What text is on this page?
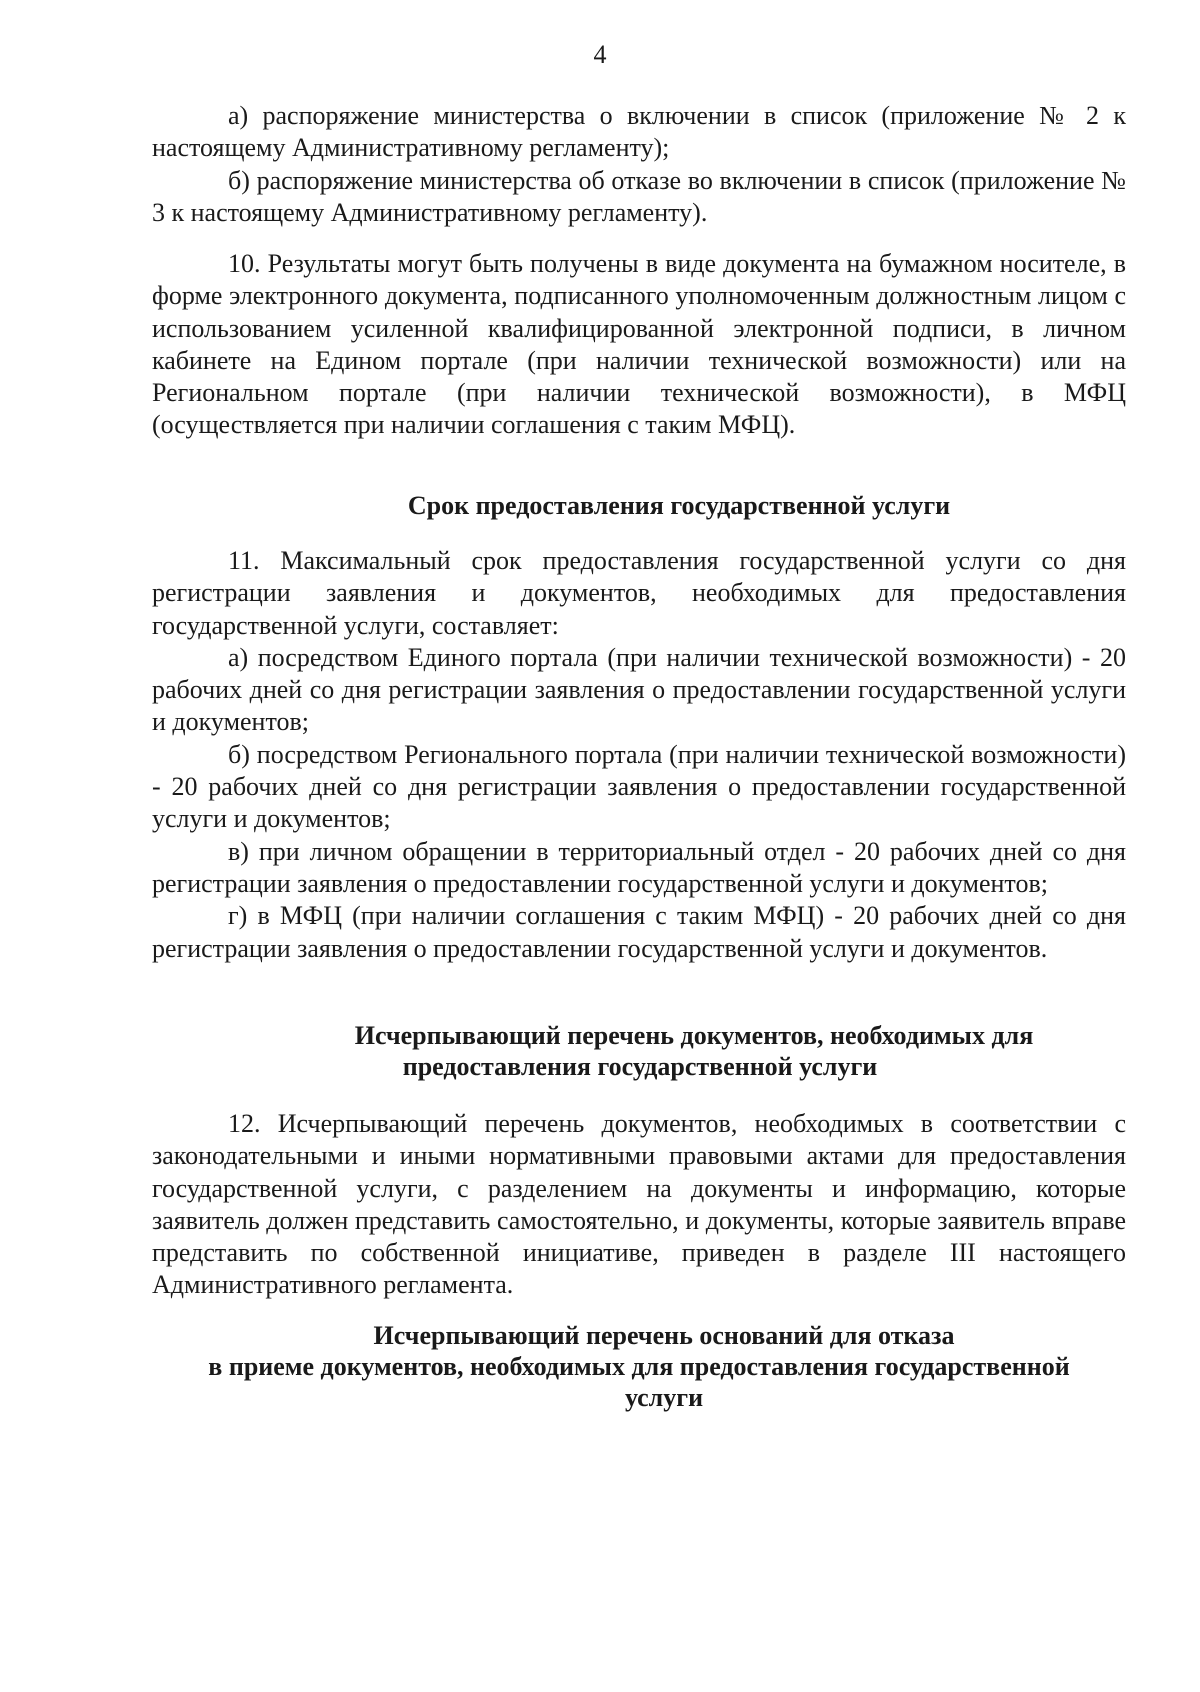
4

а) распоряжение министерства о включении в список (приложение № 2 к настоящему Административному регламенту);

б) распоряжение министерства об отказе во включении в список (приложение № 3 к настоящему Административному регламенту).

10. Результаты могут быть получены в виде документа на бумажном носителе, в форме электронного документа, подписанного уполномоченным должностным лицом с использованием усиленной квалифицированной электронной подписи, в личном кабинете на Едином портале (при наличии технической возможности) или на Региональном портале (при наличии технической возможности), в МФЦ (осуществляется при наличии соглашения с таким МФЦ).

Срок предоставления государственной услуги

11. Максимальный срок предоставления государственной услуги со дня регистрации заявления и документов, необходимых для предоставления государственной услуги, составляет:

а) посредством Единого портала (при наличии технической возможности) - 20 рабочих дней со дня регистрации заявления о предоставлении государственной услуги и документов;

б) посредством Регионального портала (при наличии технической возможности) - 20 рабочих дней со дня регистрации заявления о предоставлении государственной услуги и документов;

в) при личном обращении в территориальный отдел - 20 рабочих дней со дня регистрации заявления о предоставлении государственной услуги и документов;

г) в МФЦ (при наличии соглашения с таким МФЦ) - 20 рабочих дней со дня регистрации заявления о предоставлении государственной услуги и документов.

Исчерпывающий перечень документов, необходимых для
предоставления государственной услуги

12. Исчерпывающий перечень документов, необходимых в соответствии с законодательными и иными нормативными правовыми актами для предоставления государственной услуги, с разделением на документы и информацию, которые заявитель должен представить самостоятельно, и документы, которые заявитель вправе представить по собственной инициативе, приведен в разделе III настоящего Административного регламента.

Исчерпывающий перечень оснований для отказа
в приеме документов, необходимых для предоставления государственной
услуги
